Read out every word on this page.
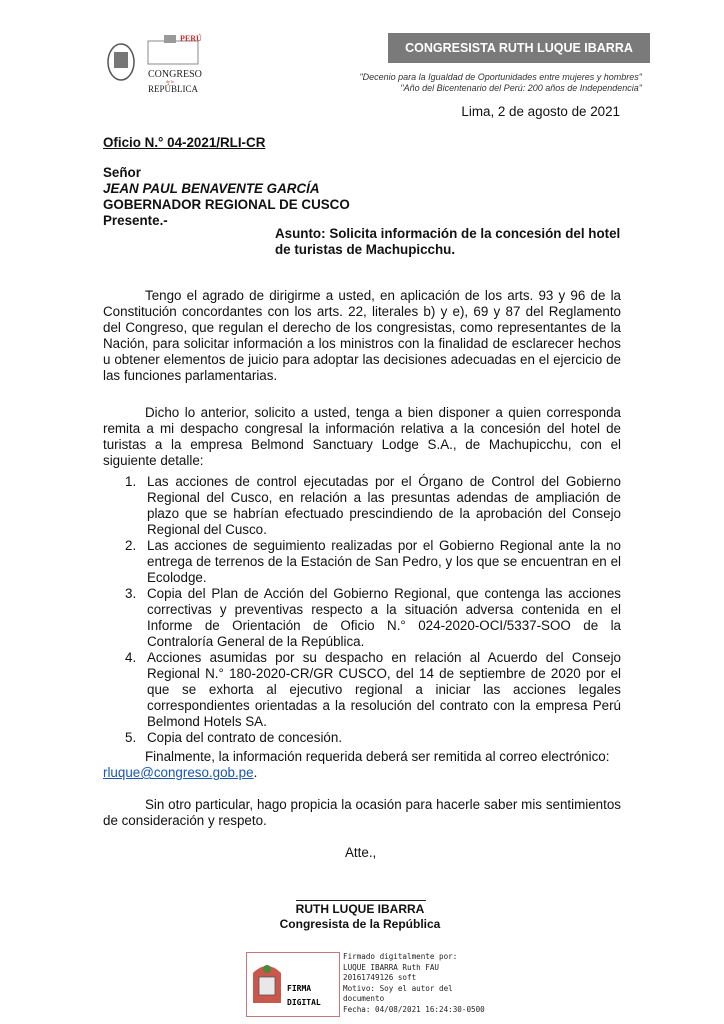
PERÚ
CONGRESO
de la
REPÚBLICA
CONGRESISTA RUTH LUQUE IBARRA
"Decenio para la Igualdad de Oportunidades entre mujeres y hombres"
"Año del Bicentenario del Perú: 200 años de Independencia"
Lima, 2 de agosto de 2021
Oficio N.° 04-2021/RLI-CR
Señor
JEAN PAUL BENAVENTE GARCÍA
GOBERNADOR REGIONAL DE CUSCO
Presente.-
Asunto: Solicita información de la concesión del hotel de turistas de Machupicchu.
Tengo el agrado de dirigirme a usted, en aplicación de los arts. 93 y 96 de la Constitución concordantes con los arts. 22, literales b) y e), 69 y 87 del Reglamento del Congreso, que regulan el derecho de los congresistas, como representantes de la Nación, para solicitar información a los ministros con la finalidad de esclarecer hechos u obtener elementos de juicio para adoptar las decisiones adecuadas en el ejercicio de las funciones parlamentarias.
Dicho lo anterior, solicito a usted, tenga a bien disponer a quien corresponda remita a mi despacho congresal la información relativa a la concesión del hotel de turistas a la empresa Belmond Sanctuary Lodge S.A., de Machupicchu, con el siguiente detalle:
1. Las acciones de control ejecutadas por el Órgano de Control del Gobierno Regional del Cusco, en relación a las presuntas adendas de ampliación de plazo que se habrían efectuado prescindiendo de la aprobación del Consejo Regional del Cusco.
2. Las acciones de seguimiento realizadas por el Gobierno Regional ante la no entrega de terrenos de la Estación de San Pedro, y los que se encuentran en el Ecolodge.
3. Copia del Plan de Acción del Gobierno Regional, que contenga las acciones correctivas y preventivas respecto a la situación adversa contenida en el Informe de Orientación de Oficio N.° 024-2020-OCI/5337-SOO de la Contraloría General de la República.
4. Acciones asumidas por su despacho en relación al Acuerdo del Consejo Regional N.° 180-2020-CR/GR CUSCO, del 14 de septiembre de 2020 por el que se exhorta al ejecutivo regional a iniciar las acciones legales correspondientes orientadas a la resolución del contrato con la empresa Perú Belmond Hotels SA.
5. Copia del contrato de concesión.
Finalmente, la información requerida deberá ser remitida al correo electrónico:
rluque@congreso.gob.pe.
Sin otro particular, hago propicia la ocasión para hacerle saber mis sentimientos de consideración y respeto.
Atte.,
RUTH LUQUE IBARRA
Congresista de la República
FIRMA
DIGITAL
Firmado digitalmente por:
LUQUE IBARRA Ruth FAU
20161749126 soft
Motivo: Soy el autor del
documento
Fecha: 04/08/2021 16:24:30-0500
